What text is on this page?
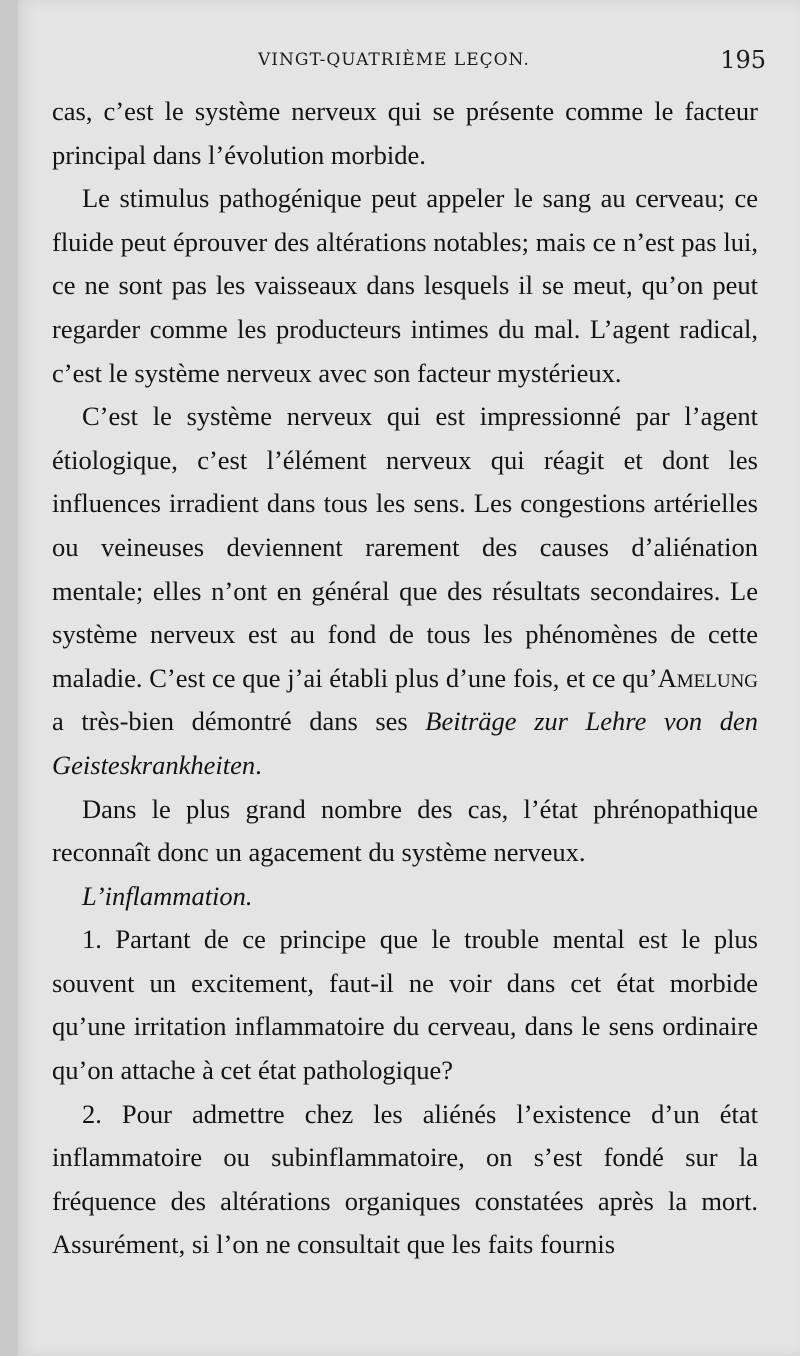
VINGT-QUATRIÈME LEÇON.	195

cas, c’est le système nerveux qui se présente comme le facteur principal dans l’évolution morbide.

Le stimulus pathogénique peut appeler le sang au cerveau; ce fluide peut éprouver des altérations notables; mais ce n’est pas lui, ce ne sont pas les vaisseaux dans lesquels il se meut, qu’on peut regarder comme les producteurs intimes du mal. L’agent radical, c’est le système nerveux avec son facteur mystérieux.

C’est le système nerveux qui est impressionné par l’agent étiologique, c’est l’élément nerveux qui réagit et dont les influences irradient dans tous les sens. Les congestions artérielles ou veineuses deviennent rarement des causes d’aliénation mentale; elles n’ont en général que des résultats secondaires. Le système nerveux est au fond de tous les phénomènes de cette maladie. C’est ce que j’ai établi plus d’une fois, et ce qu’Amelung a très-bien démontré dans ses Beiträge zur Lehre von den Geisteskrankheiten.

Dans le plus grand nombre des cas, l’état phrénopathique reconnaît donc un agacement du système nerveux.

L’inflammation.

1. Partant de ce principe que le trouble mental est le plus souvent un excitement, faut-il ne voir dans cet état morbide qu’une irritation inflammatoire du cerveau, dans le sens ordinaire qu’on attache à cet état pathologique?

2. Pour admettre chez les aliénés l’existence d’un état inflammatoire ou subinflammatoire, on s’est fondé sur la fréquence des altérations organiques constatées après la mort. Assurément, si l’on ne consultait que les faits fournis
